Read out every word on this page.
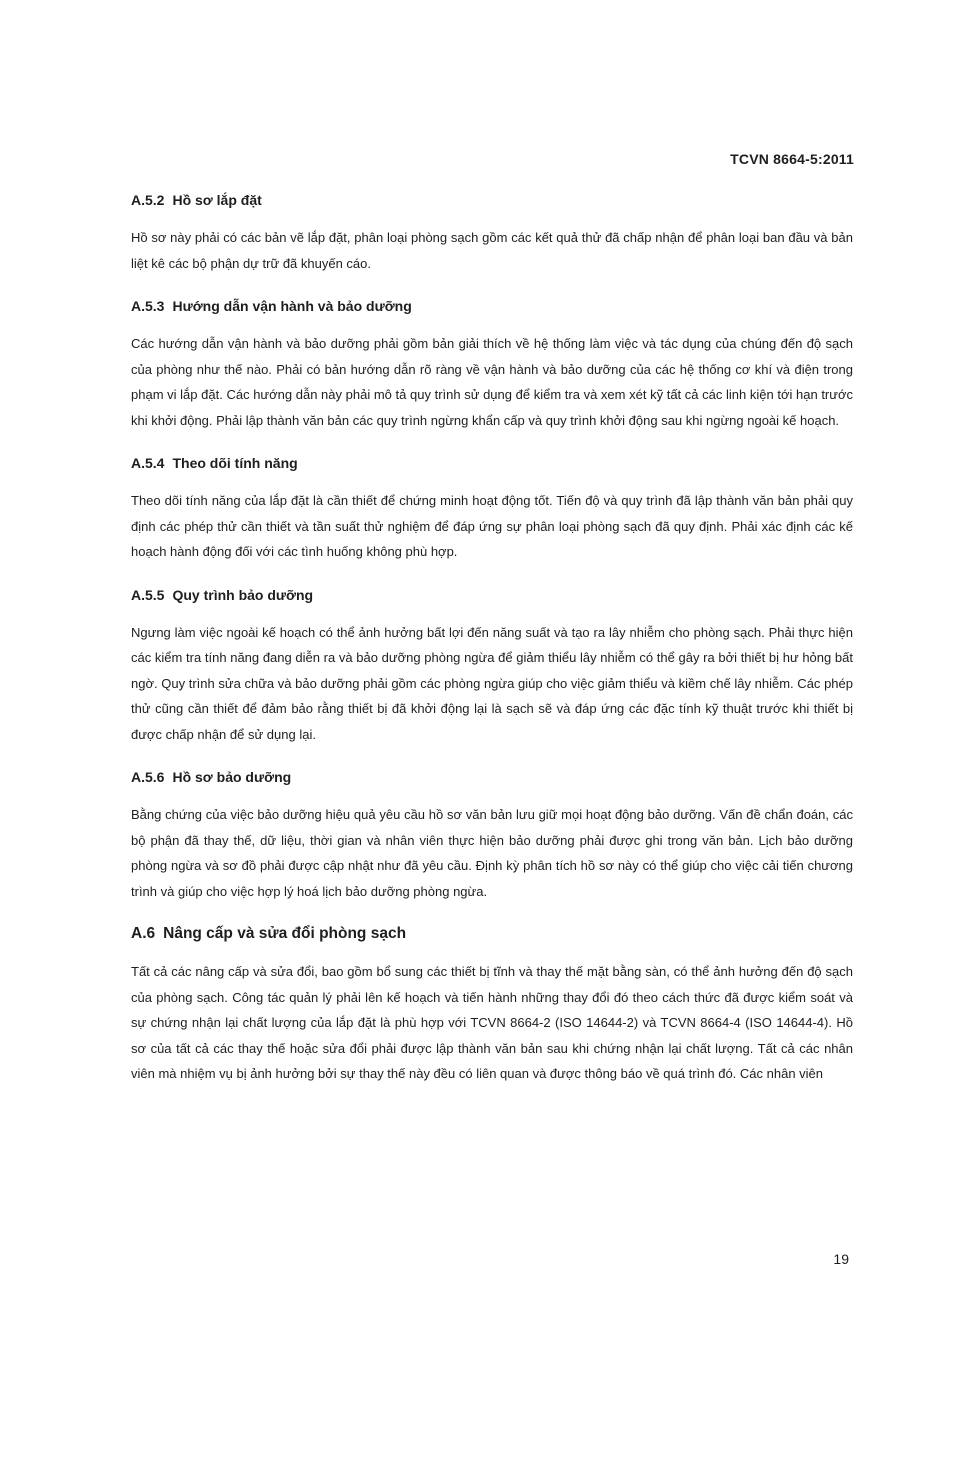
TCVN 8664-5:2011

A.5.2 Hồ sơ lắp đặt

Hồ sơ này phải có các bản vẽ lắp đặt, phân loại phòng sạch gồm các kết quả thử đã chấp nhận để phân loại ban đầu và bản liệt kê các bộ phận dự trữ đã khuyến cáo.

A.5.3 Hướng dẫn vận hành và bảo dưỡng

Các hướng dẫn vận hành và bảo dưỡng phải gồm bản giải thích về hệ thống làm việc và tác dụng của chúng đến độ sạch của phòng như thế nào. Phải có bản hướng dẫn rõ ràng về vận hành và bảo dưỡng của các hệ thống cơ khí và điện trong phạm vi lắp đặt. Các hướng dẫn này phải mô tả quy trình sử dụng để kiểm tra và xem xét kỹ tất cả các linh kiện tới hạn trước khi khởi động. Phải lập thành văn bản các quy trình ngừng khẩn cấp và quy trình khởi động sau khi ngừng ngoài kế hoạch.

A.5.4 Theo dõi tính năng

Theo dõi tính năng của lắp đặt là cần thiết để chứng minh hoạt động tốt. Tiến độ và quy trình đã lập thành văn bản phải quy định các phép thử cần thiết và tần suất thử nghiệm để đáp ứng sự phân loại phòng sạch đã quy định. Phải xác định các kế hoạch hành động đối với các tình huống không phù hợp.

A.5.5 Quy trình bảo dưỡng

Ngưng làm việc ngoài kế hoạch có thể ảnh hưởng bất lợi đến năng suất và tạo ra lây nhiễm cho phòng sạch. Phải thực hiện các kiểm tra tính năng đang diễn ra và bảo dưỡng phòng ngừa để giảm thiểu lây nhiễm có thể gây ra bởi thiết bị hư hỏng bất ngờ. Quy trình sửa chữa và bảo dưỡng phải gồm các phòng ngừa giúp cho việc giảm thiểu và kiềm chế lây nhiễm. Các phép thử cũng cần thiết để đảm bảo rằng thiết bị đã khởi động lại là sạch sẽ và đáp ứng các đặc tính kỹ thuật trước khi thiết bị được chấp nhận để sử dụng lại.

A.5.6 Hồ sơ bảo dưỡng

Bằng chứng của việc bảo dưỡng hiệu quả yêu cầu hồ sơ văn bản lưu giữ mọi hoạt động bảo dưỡng. Vấn đề chẩn đoán, các bộ phận đã thay thế, dữ liệu, thời gian và nhân viên thực hiện bảo dưỡng phải được ghi trong văn bản. Lịch bảo dưỡng phòng ngừa và sơ đồ phải được cập nhật như đã yêu cầu. Định kỳ phân tích hồ sơ này có thể giúp cho việc cải tiến chương trình và giúp cho việc hợp lý hoá lịch bảo dưỡng phòng ngừa.

A.6 Nâng cấp và sửa đổi phòng sạch

Tất cả các nâng cấp và sửa đổi, bao gồm bổ sung các thiết bị tĩnh và thay thế mặt bằng sàn, có thể ảnh hưởng đến độ sạch của phòng sạch. Công tác quản lý phải lên kế hoạch và tiến hành những thay đổi đó theo cách thức đã được kiểm soát và sự chứng nhận lại chất lượng của lắp đặt là phù hợp với TCVN 8664-2 (ISO 14644-2) và TCVN 8664-4 (ISO 14644-4). Hồ sơ của tất cả các thay thế hoặc sửa đổi phải được lập thành văn bản sau khi chứng nhận lại chất lượng. Tất cả các nhân viên mà nhiệm vụ bị ảnh hưởng bởi sự thay thế này đều có liên quan và được thông báo về quá trình đó. Các nhân viên

19
